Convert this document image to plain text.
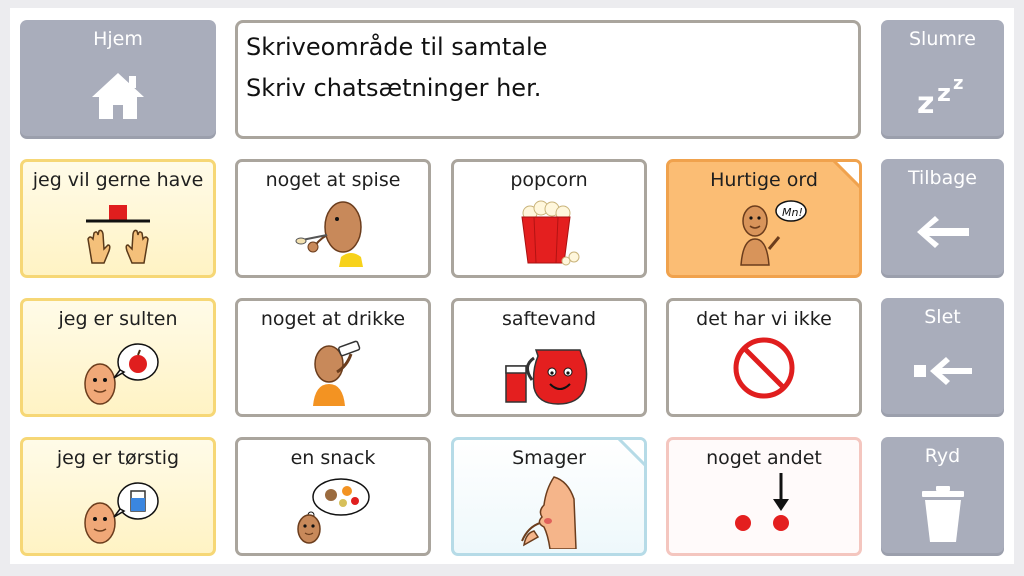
Hjem	Skriveområde til samtale
Skriv chatsætninger her.
Slumre
z z z
jeg vil gerne have	noget at spise	popcorn	Hurtige ord
Mn!
Tilbage
jeg er sulten	noget at drikke	saftevand	det har vi ikke	Slet
jeg er tørstig	en snack	Smager	noget andet	Ryd
